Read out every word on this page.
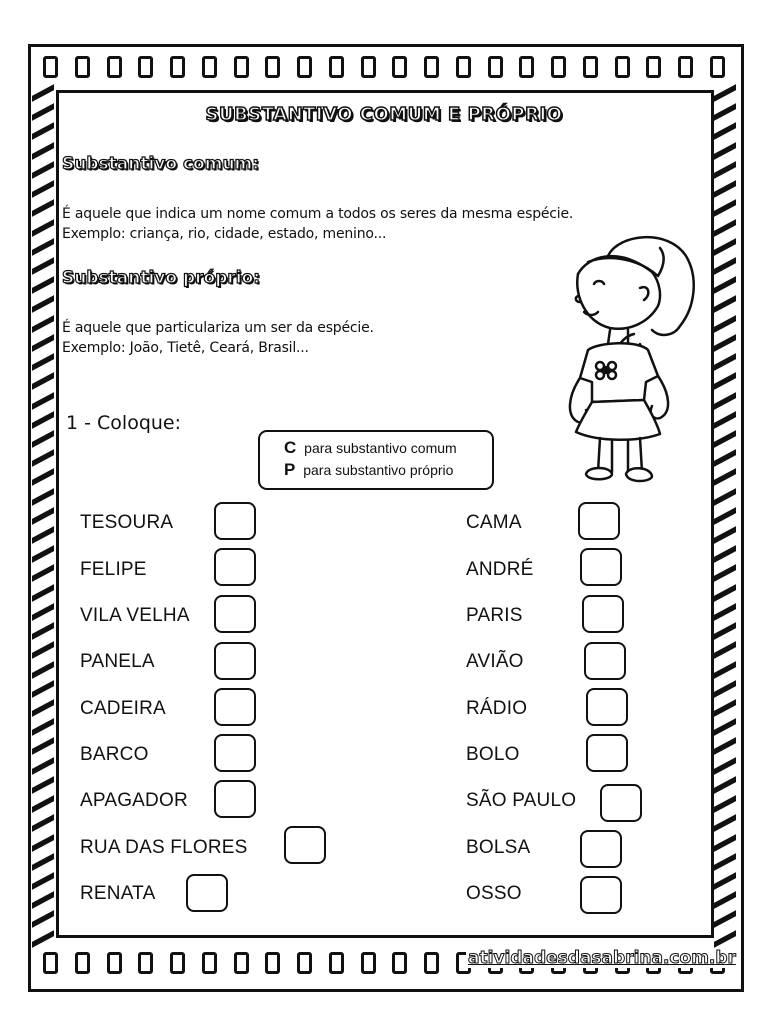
SUBSTANTIVO COMUM E PRÓPRIO
Substantivo comum:
É aquele que indica um nome comum a todos os seres da mesma espécie.
Exemplo: criança, rio, cidade, estado, menino...
Substantivo próprio:
É aquele que particulariza um ser da espécie.
Exemplo: João, Tietê, Ceará, Brasil...
1 - Coloque:
C para substantivo comum
P para substantivo próprio
TESOURA
FELIPE
VILA VELHA
PANELA
CADEIRA
BARCO
APAGADOR
RUA DAS FLORES
RENATA
CAMA
ANDRÉ
PARIS
AVIÃO
RÁDIO
BOLO
SÃO PAULO
BOLSA
OSSO
atividadesdasabrina.com.br
